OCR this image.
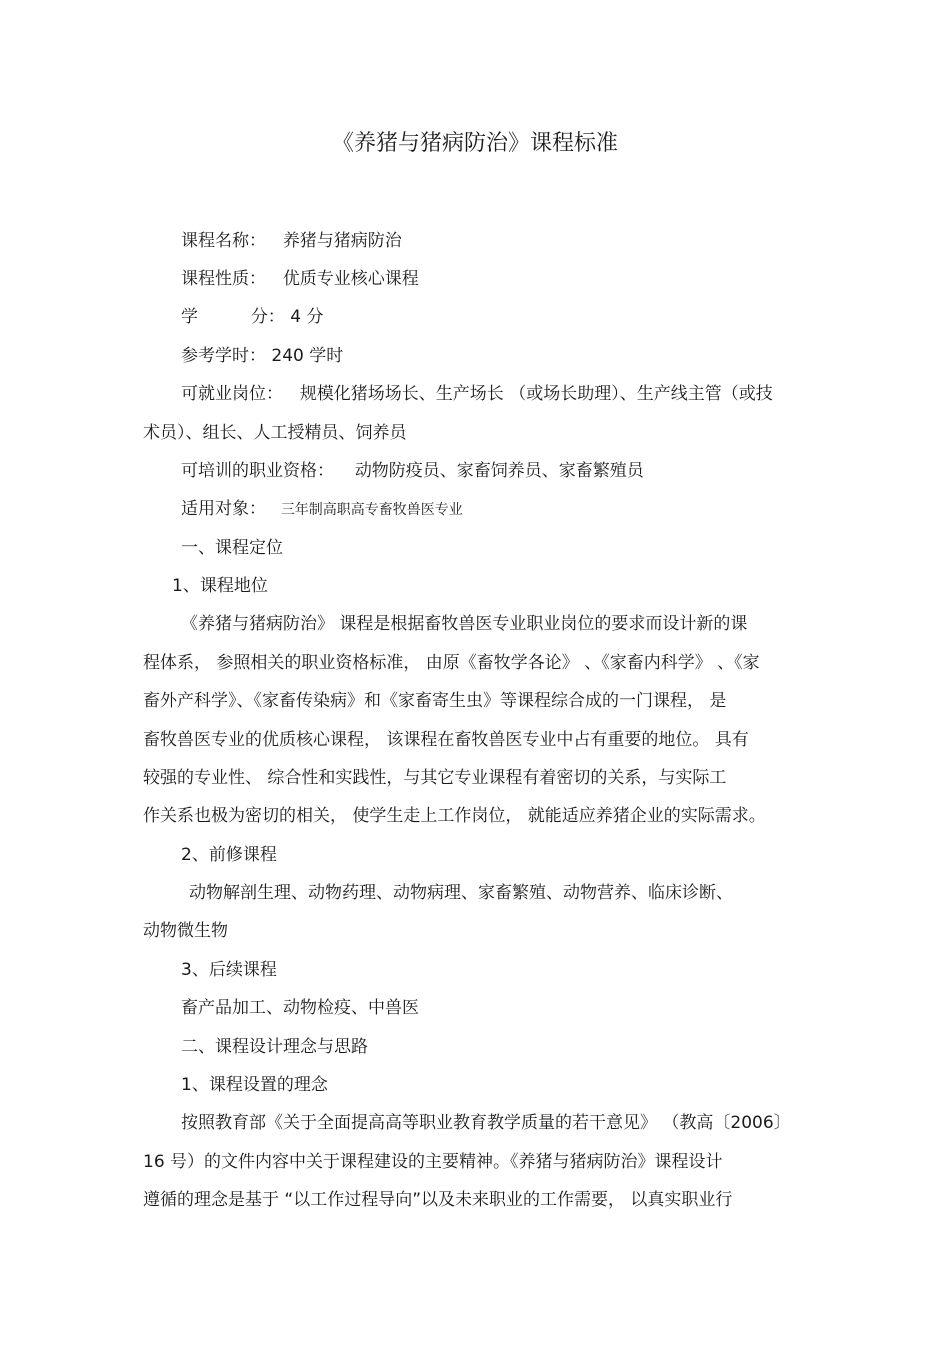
《养猪与猪病防治》课程标准
课程名称： 养猪与猪病防治
课程性质： 优质专业核心课程
学	分： 4 分
参考学时： 240 学时
可就业岗位： 规模化猪场场长、生产场长 （或场长助理）、生产线主管（或技
术员）、组长、人工授精员、饲养员
可培训的职业资格： 动物防疫员、家畜饲养员、家畜繁殖员
适用对象： 三年制高职高专畜牧兽医专业
一、课程定位
1、课程地位
《养猪与猪病防治》 课程是根据畜牧兽医专业职业岗位的要求而设计新的课
程体系， 参照相关的职业资格标准， 由原《畜牧学各论》 、《家畜内科学》 、《家
畜外产科学》、《家畜传染病》和《家畜寄生虫》等课程综合成的一门课程， 是
畜牧兽医专业的优质核心课程， 该课程在畜牧兽医专业中占有重要的地位。 具有
较强的专业性、 综合性和实践性，与其它专业课程有着密切的关系，与实际工
作关系也极为密切的相关， 使学生走上工作岗位， 就能适应养猪企业的实际需求。
2、前修课程
动物解剖生理、动物药理、动物病理、家畜繁殖、动物营养、临床诊断、
动物微生物
3、后续课程
畜产品加工、动物检疫、中兽医
二、课程设计理念与思路
1、课程设置的理念
按照教育部《关于全面提高高等职业教育教学质量的若干意见》 （教高〔2006〕
16 号）的文件内容中关于课程建设的主要精神。《养猪与猪病防治》课程设计
遵循的理念是基于 “以工作过程导向”以及未来职业的工作需要， 以真实职业行
